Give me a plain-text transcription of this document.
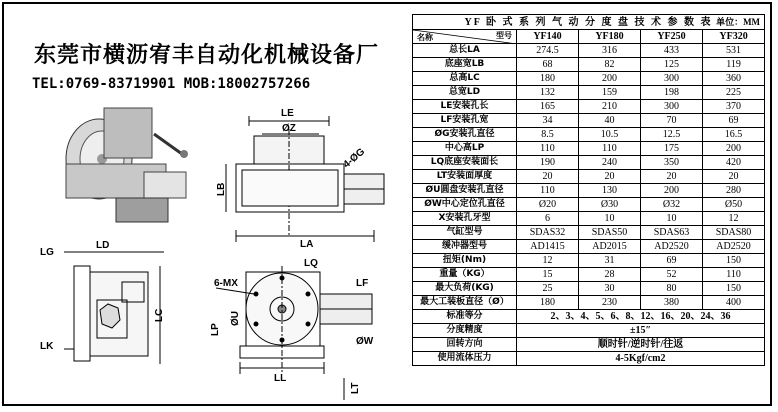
东莞市横沥宥丰自动化机械设备厂
TEL:0769-83719901 MOB:18002757266
LE
ØZ
LB
LA
4-ØG
LG
LD
LC
LK
6-MX
ØU
LP
LL
LT
LF
ØW
LQ
YF 卧 式 系 列 气 动 分 度 盘 技 术 参 数 表 单位：MM				

名称 型号	YF140	YF180	YF250	YF320
总长LA	274.5	316	433	531
底座宽LB	68	82	125	119
总高LC	180	200	300	360
总宽LD	132	159	198	225
LE安装孔长	165	210	300	370
LF安装孔宽	34	40	70	69
ØG安装孔直径	8.5	10.5	12.5	16.5
中心高LP	110	110	175	200
LQ底座安装面长	190	240	350	420
LT安装面厚度	20	20	20	20
ØU圆盘安装孔直径	110	130	200	280
ØW中心定位孔直径	Ø20	Ø30	Ø32	Ø50
X安装孔牙型	6	10	10	12
气缸型号	SDAS32	SDAS50	SDAS63	SDAS80
缓冲器型号	AD1415	AD2015	AD2520	AD2520
扭矩(Nm)	12	31	69	150
重量（KG）	15	28	52	110
最大负荷(KG)	25	30	80	150
最大工装板直径（Ø）	180	230	380	400
标准等分	2、3、4、5、6、8、12、16、20、24、36			
分度精度	±15″			
回转方向	顺时针/逆时针/往返			
使用流体压力	4-5Kgf/cm2			
